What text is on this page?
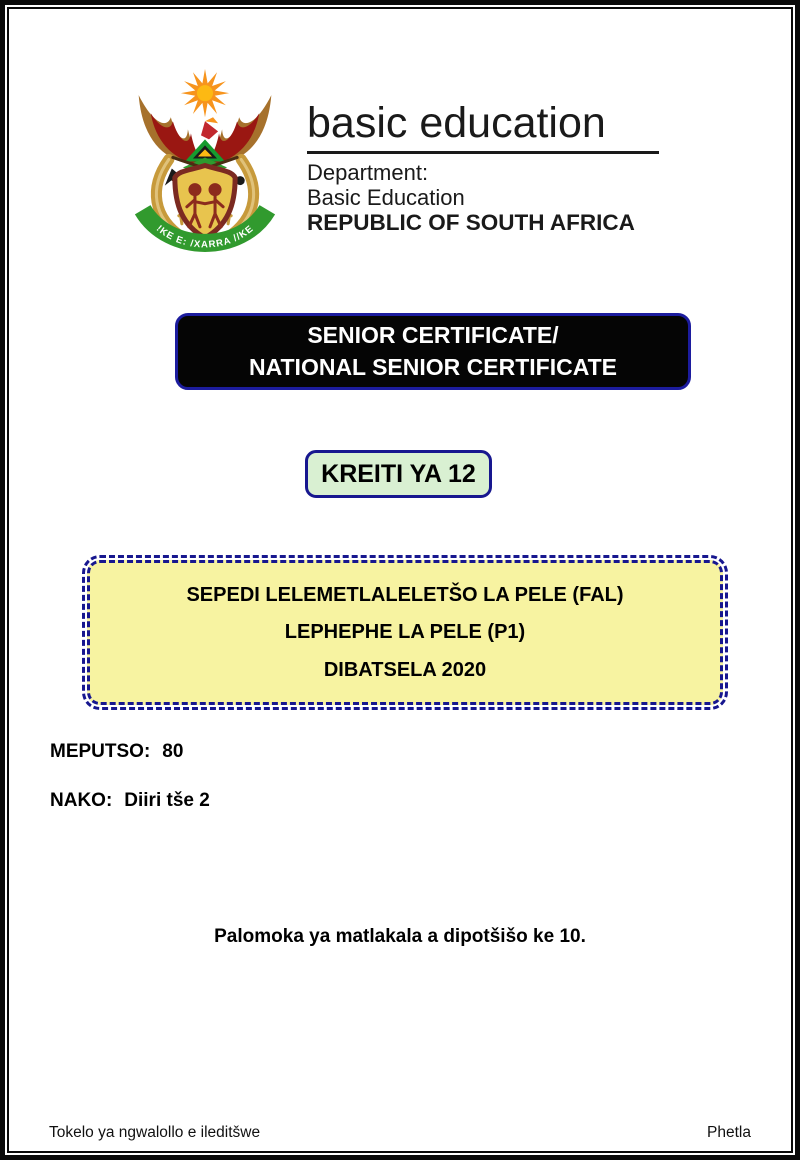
!KE E: /XARRA //KE
basic education
Department:
Basic Education
REPUBLIC OF SOUTH AFRICA
SENIOR CERTIFICATE/
NATIONAL SENIOR CERTIFICATE
KREITI YA 12
SEPEDI LELEMETLALELETŠO LA PELE (FAL)
LEPHEPHE LA PELE (P1)
DIBATSELA 2020
MEPUTSO: 80
NAKO: Diiri tše 2
Palomoka ya matlakala a dipotšišo ke 10.
Tokelo ya ngwalollo e ileditšwe	Phetla
